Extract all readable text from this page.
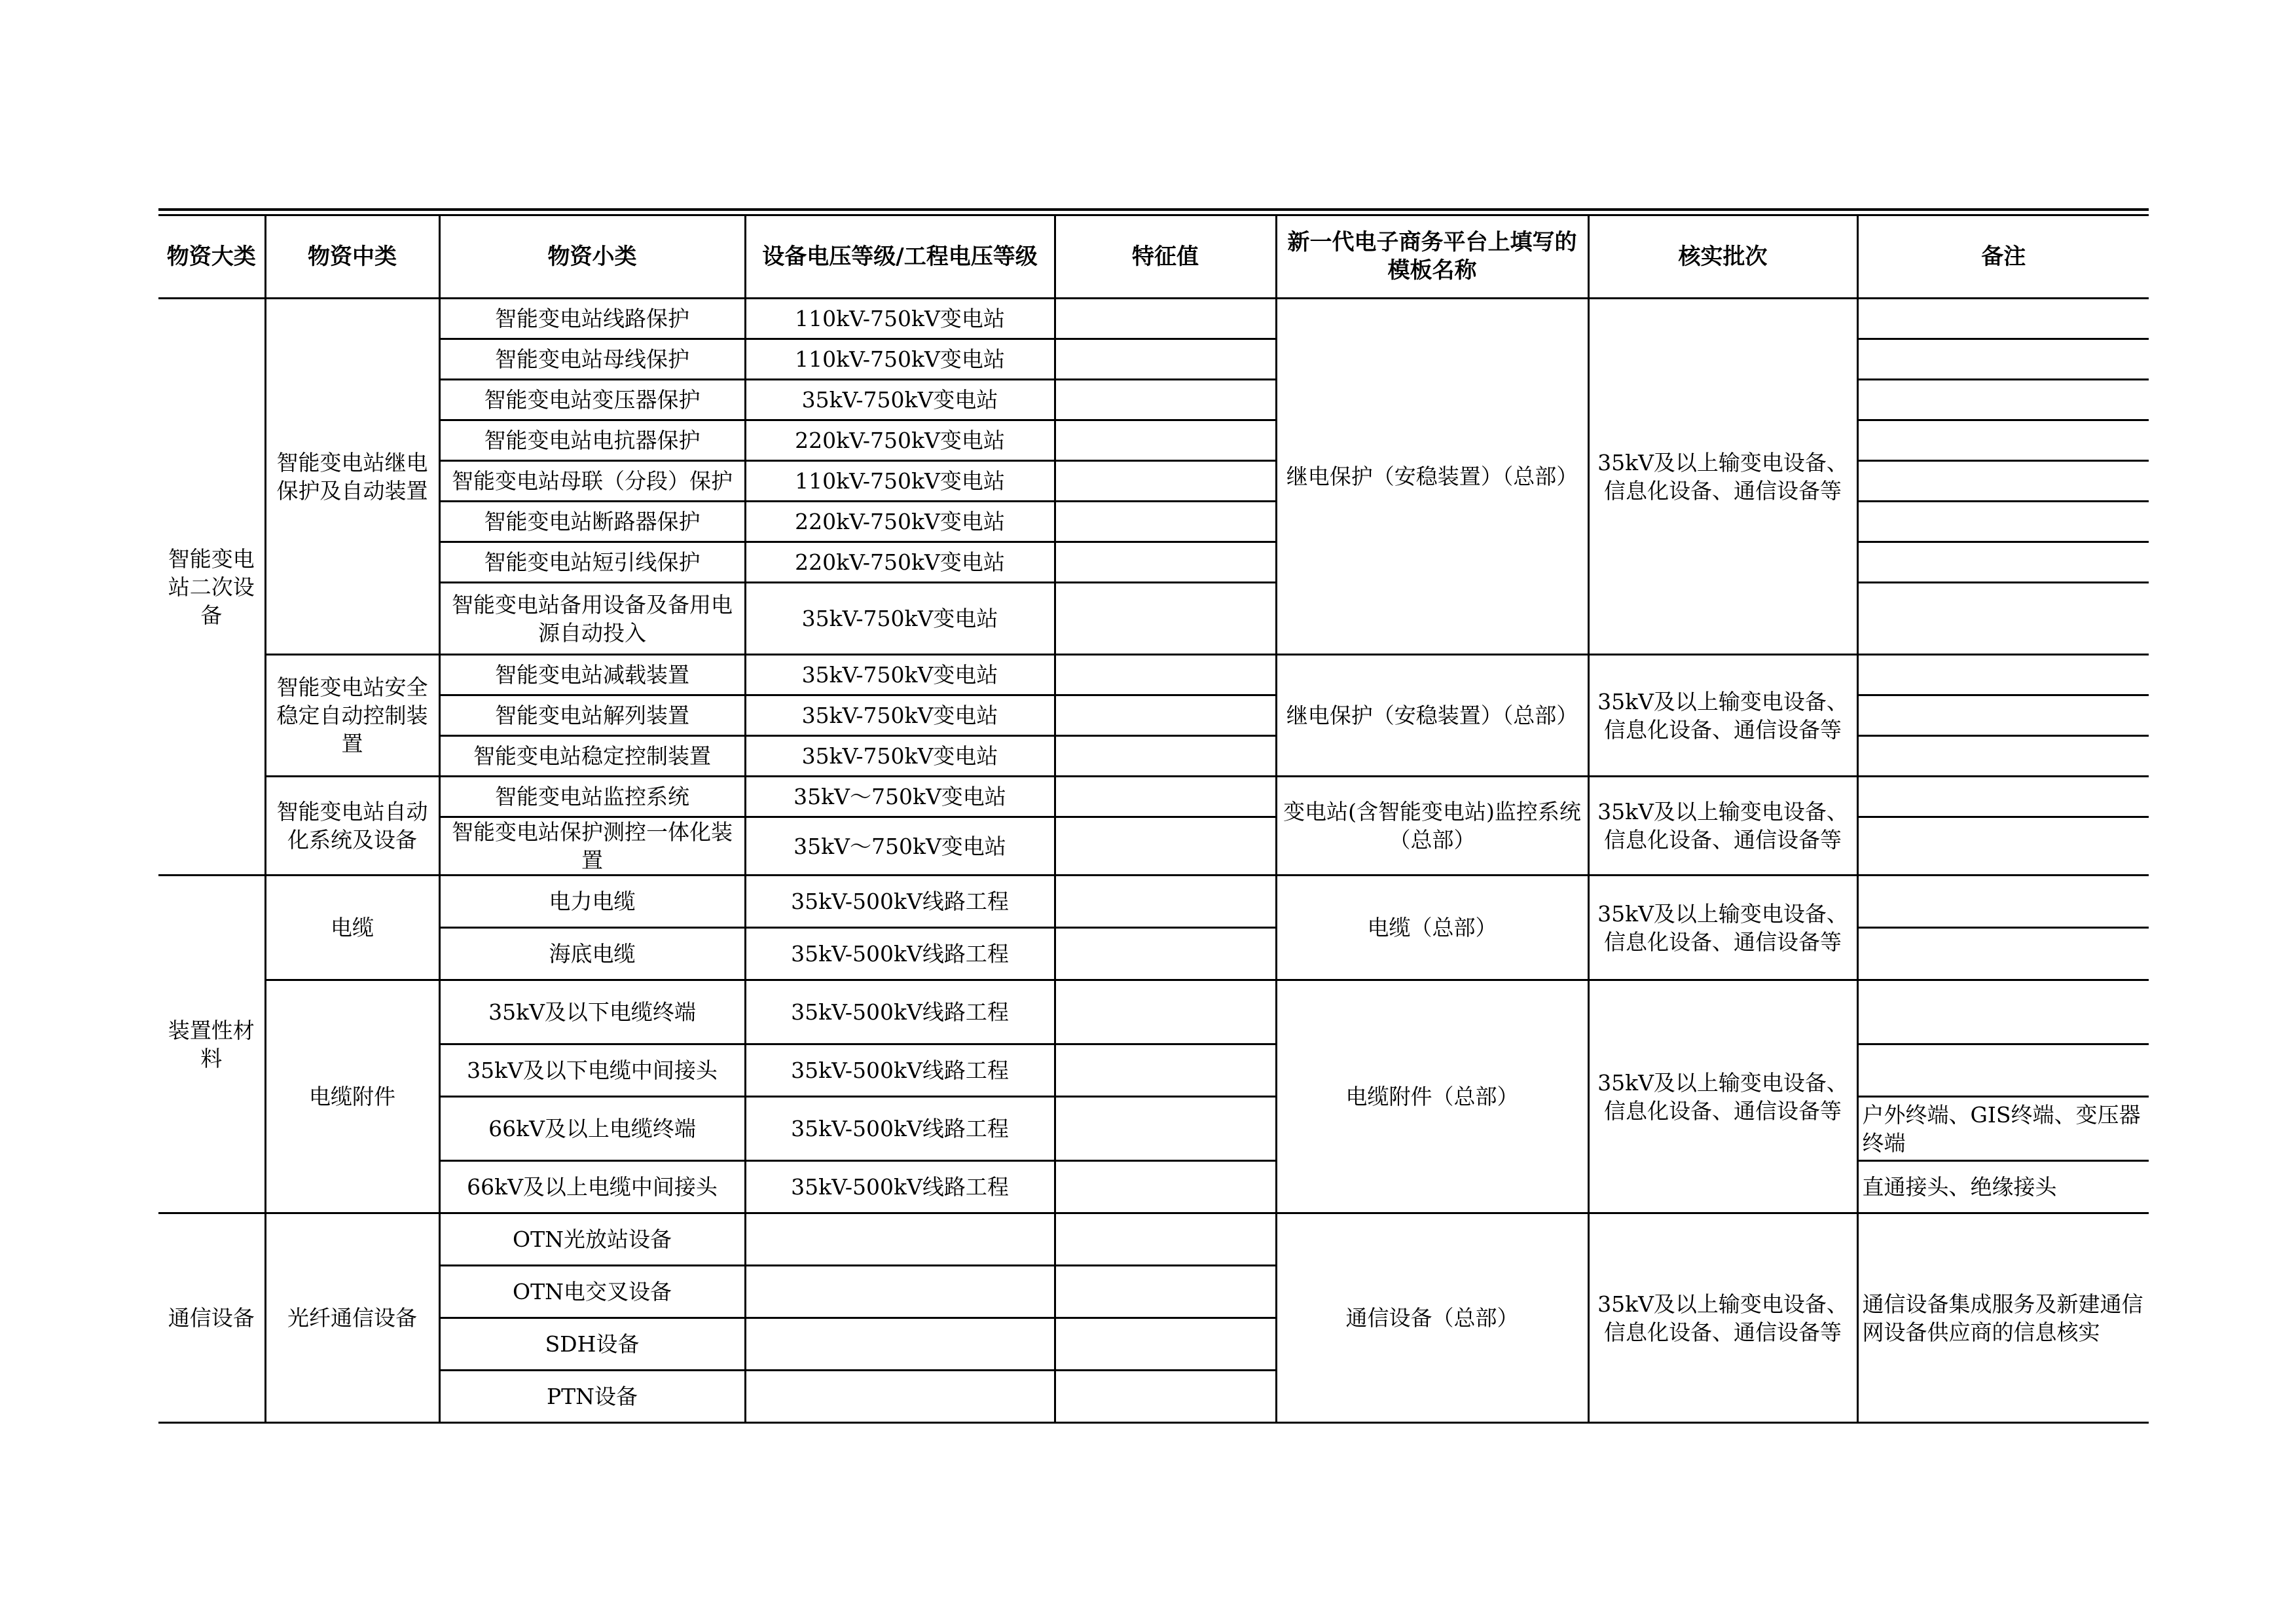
物资大类	物资中类	物资小类	设备电压等级/工程电压等级	特征值	新一代电子商务平台上填写的模板名称	核实批次	备注
智能变电站二次设备	智能变电站继电保护及自动装置	智能变电站线路保护	110kV-750kV变电站		继电保护（安稳装置）（总部）	35kV及以上输变电设备、信息化设备、通信设备等	
		智能变电站母线保护	110kV-750kV变电站				
		智能变电站变压器保护	35kV-750kV变电站				
		智能变电站电抗器保护	220kV-750kV变电站				

		智能变电站母联（分段）保护	110kV-750kV变电站				
		智能变电站断路器保护	220kV-750kV变电站				
		智能变电站短引线保护	220kV-750kV变电站				
		智能变电站备用设备及备用电源自动投入	35kV-750kV变电站				
	智能变电站安全稳定自动控制装置	智能变电站减载装置	35kV-750kV变电站		继电保护（安稳装置）（总部）	35kV及以上输变电设备、信息化设备、通信设备等	
		智能变电站解列装置	35kV-750kV变电站				
		智能变电站稳定控制装置	35kV-750kV变电站				
	智能变电站自动化系统及设备	智能变电站监控系统	35kV～750kV变电站		变电站(含智能变电站)监控系统（总部）	35kV及以上输变电设备、信息化设备、通信设备等	
		智能变电站保护测控一体化装置	35kV～750kV变电站				
装置性材料	电缆	电力电缆	35kV-500kV线路工程		电缆（总部）	35kV及以上输变电设备、信息化设备、通信设备等	
		海底电缆	35kV-500kV线路工程				
	电缆附件	35kV及以下电缆终端	35kV-500kV线路工程		电缆附件（总部）	35kV及以上输变电设备、信息化设备、通信设备等	
		35kV及以下电缆中间接头	35kV-500kV线路工程				
		66kV及以上电缆终端	35kV-500kV线路工程				户外终端、GIS终端、变压器终端
		66kV及以上电缆中间接头	35kV-500kV线路工程				直通接头、绝缘接头
通信设备	光纤通信设备	OTN光放站设备			通信设备（总部）	35kV及以上输变电设备、信息化设备、通信设备等	通信设备集成服务及新建通信网设备供应商的信息核实
		OTN电交叉设备					
		SDH设备					
		PTN设备					
